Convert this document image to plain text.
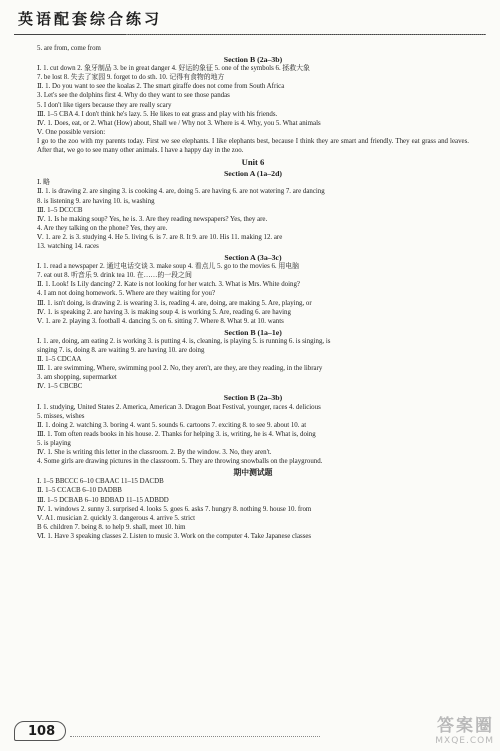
英语配套综合练习
5. are from, come from
Section B (2a–3b)
Ⅰ. 1. cut down 2. 象牙制品 3. be in great danger 4. 好运的象征 5. one of the symbols 6. 拯救大象
7. be lost 8. 失去了家园 9. forget to do sth. 10. 记得有食物的地方
Ⅱ. 1. Do you want to see the koalas 2. The smart giraffe does not come from South Africa
3. Let's see the dolphins first 4. Why do they want to see those pandas
5. I don't like tigers because they are really scary
Ⅲ. 1–5 CBA 4. I don't think he's lazy. 5. He likes to eat grass and play with his friends.
Ⅳ. 1. Does, eat, or 2. What (How) about, Shall we / Why not 3. Where is 4. Why, you 5. What animals
Ⅴ. One possible version:
I go to the zoo with my parents today. First we see elephants. I like elephants best, because I think they are smart and friendly. They eat grass and leaves. After that, we go to see many other animals. I have a happy day in the zoo.
Unit 6
Section A (1a–2d)
Ⅰ. 略
Ⅱ. 1. is drawing 2. are singing 3. is cooking 4. are, doing 5. are having 6. are not watering 7. are dancing
8. is listening 9. are having 10. is, washing
Ⅲ. 1–5 DCCCB
Ⅳ. 1. Is he making soup? Yes, he is. 3. Are they reading newspapers? Yes, they are.
4. Are they talking on the phone? Yes, they are.
Ⅴ. 1. are 2. is 3. studying 4. He 5. living 6. is 7. are 8. It 9. are 10. His 11. making 12. are
13. watching 14. races
Section A (3a–3c)
Ⅰ. 1. read a newspaper 2. 通过电话交谈 3. make soup 4. 看点儿 5. go to the movies 6. 用电脑
7. eat out 8. 听音乐 9. drink tea 10. 在……的一段之间
Ⅱ. 1. Look! Is Lily dancing? 2. Kate is not looking for her watch. 3. What is Mrs. White doing?
4. I am not doing homework. 5. Where are they waiting for you?
Ⅲ. 1. isn't doing, is drawing 2. is wearing 3. is, reading 4. are, doing, are making 5. Are, playing, or
Ⅳ. 1. is speaking 2. are having 3. is making soup 4. is working 5. Are, reading 6. are having
Ⅴ. 1. are 2. playing 3. football 4. dancing 5. on 6. sitting 7. Where 8. What 9. at 10. wants
Section B (1a–1e)
Ⅰ. 1. are, doing, am eating 2. is working 3. is putting 4. is, cleaning, is playing 5. is running 6. is singing, is
singing 7. is, doing 8. are waiting 9. are having 10. are doing
Ⅱ. 1–5 CDCAA
Ⅲ. 1. are swimming, Where, swimming pool 2. No, they aren't, are they, are they reading, in the library
3. am shopping, supermarket
Ⅳ. 1–5 CBCBC
Section B (2a–3b)
Ⅰ. 1. studying, United States 2. America, American 3. Dragon Boat Festival, younger, races 4. delicious
5. misses, wishes
Ⅱ. 1. doing 2. watching 3. boring 4. want 5. sounds 6. cartoons 7. exciting 8. to see 9. about 10. at
Ⅲ. 1. Tom often reads books in his house. 2. Thanks for helping 3. is, writing, he is 4. What is, doing
5. is playing
Ⅳ. 1. She is writing this letter in the classroom. 2. By the window. 3. No, they aren't.
4. Some girls are drawing pictures in the classroom. 5. They are throwing snowballs on the playground.
期中测试题
Ⅰ. 1–5 BBCCC 6–10 CBAAC 11–15 DACDB
Ⅱ. 1–5 CCACB 6–10 DADBB
Ⅲ. 1–5 DCBAB 6–10 BDBAD 11–15 ADBDD
Ⅳ. 1. windows 2. sunny 3. surprised 4. looks 5. goes 6. asks 7. hungry 8. nothing 9. house 10. from
Ⅴ. A1. musician 2. quickly 3. dangerous 4. arrive 5. strict
B 6. children 7. being 8. to help 9. shall, meet 10. him
Ⅵ. 1. Have 3 speaking classes 2. Listen to music 3. Work on the computer 4. Take Japanese classes
108	答案圈
MXQE.COM
